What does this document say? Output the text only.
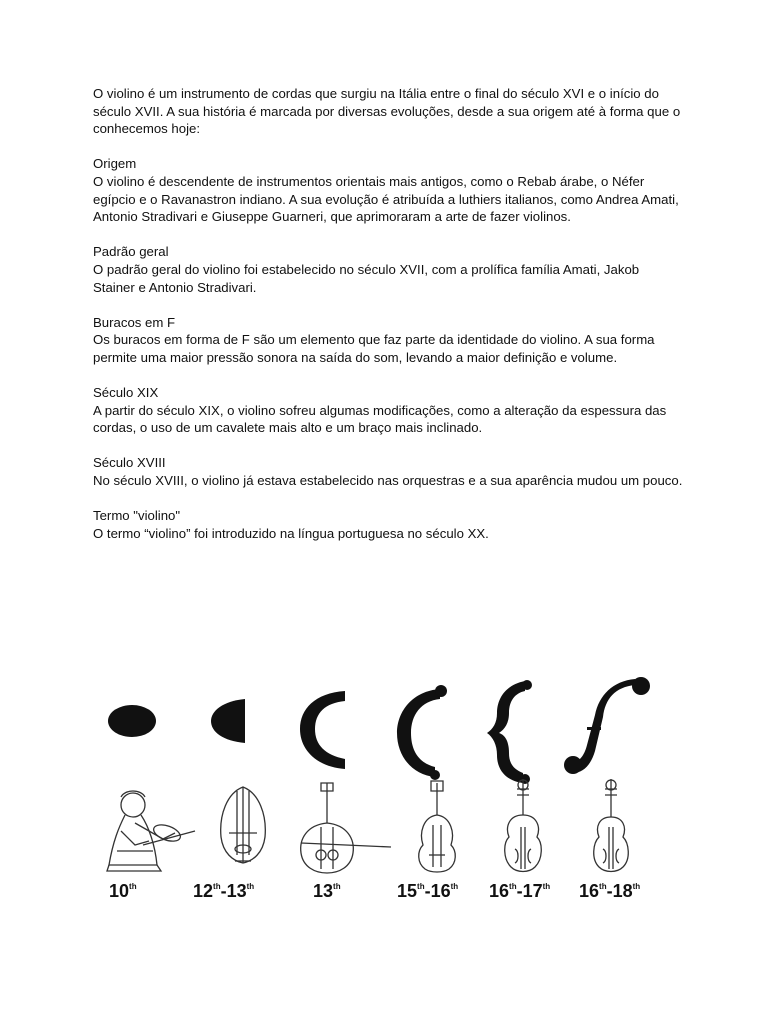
O violino é um instrumento de cordas que surgiu na Itália entre o final do século XVI e o início do século XVII. A sua história é marcada por diversas evoluções, desde a sua origem até à forma que o conhecemos hoje:

Origem
O violino é descendente de instrumentos orientais mais antigos, como o Rebab árabe, o Néfer egípcio e o Ravanastron indiano. A sua evolução é atribuída a luthiers italianos, como Andrea Amati, Antonio Stradivari e Giuseppe Guarneri, que aprimoraram a arte de fazer violinos.

Padrão geral
O padrão geral do violino foi estabelecido no século XVII, com a prolífica família Amati, Jakob Stainer e Antonio Stradivari.

Buracos em F
Os buracos em forma de F são um elemento que faz parte da identidade do violino. A sua forma permite uma maior pressão sonora na saída do som, levando a maior definição e volume.

Século XIX
A partir do século XIX, o violino sofreu algumas modificações, como a alteração da espessura das cordas, o uso de um cavalete mais alto e um braço mais inclinado.

Século XVIII
No século XVIII, o violino já estava estabelecido nas orquestras e a sua aparência mudou um pouco.

Termo "violino"
O termo “violino” foi introduzido na língua portuguesa no século XX.

10th	12th-13th	13th	15th-16th 16th-17th 16th-18th
